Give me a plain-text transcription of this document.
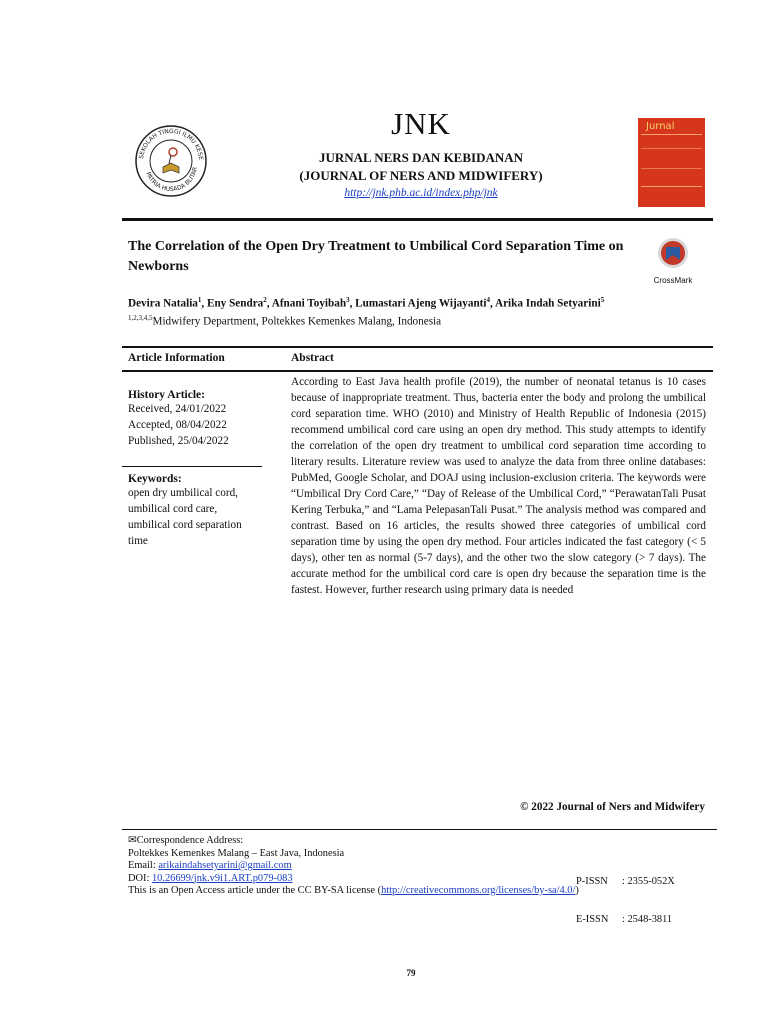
SEKOLAH TINGGI ILMU KESE
PATRIA HUSADA BLITAR
JNK
JURNAL NERS DAN KEBIDANAN
(JOURNAL OF NERS AND MIDWIFERY)
http://jnk.phb.ac.id/index.php/jnk
Jurnal
The Correlation of the Open Dry Treatment to Umbilical Cord Separation Time on Newborns
CrossMark
Devira Natalia$^1$, Eny Sendra$^2$, Afnani Toyibah$^3$, Lumastari Ajeng Wijayanti$^4$, Arika Indah Setyarini$^5$
$^{1,2,3,4,5}$Midwifery Department, Poltekkes Kemenkes Malang, Indonesia
Article Information	Abstract
History Article:
Received, 24/01/2022
Accepted, 08/04/2022
Published, 25/04/2022
Keywords:
open dry umbilical cord, umbilical cord care, umbilical cord separation time
According to East Java health profile (2019), the number of neonatal tetanus is 10 cases because of inappropriate treatment. Thus, bacteria enter the body and prolong the umbilical cord separation time. WHO (2010) and Ministry of Health Republic of Indonesia (2015) recommend umbilical cord care using an open dry method. This study attempts to identify the correlation of the open dry treatment to umbilical cord separation time according to literary results. Literature review was used to analyze the data from three online databases: PubMed, Google Scholar, and DOAJ using inclusion-exclusion criteria. The keywords were “Umbilical Dry Cord Care,” “Day of Release of the Umbilical Cord,” “PerawatanTali Pusat Kering Terbuka,” and “Lama PelepasanTali Pusat.” The analysis method was compared and contrast. Based on 16 articles, the results showed three categories of umbilical cord separation time by using the open dry method. Four articles indicated the fast category (< 5 days), other ten as normal (5-7 days), and the other two the slow category (> 7 days). The accurate method for the umbilical cord care is open dry because the separation time is the fastest. However, further research using primary data is needed
© 2022 Journal of Ners and Midwifery
✉Correspondence Address:
Poltekkes Kemenkes Malang – East Java, Indonesia
Email: arikaindahsetyarini@gmail.com
DOI: 10.26699/jnk.v9i1.ART.p079-083
This is an Open Access article under the CC BY-SA license (http://creativecommons.org/licenses/by-sa/4.0/)

P-ISSN : 2355-052X

E-ISSN : 2548-3811

79
